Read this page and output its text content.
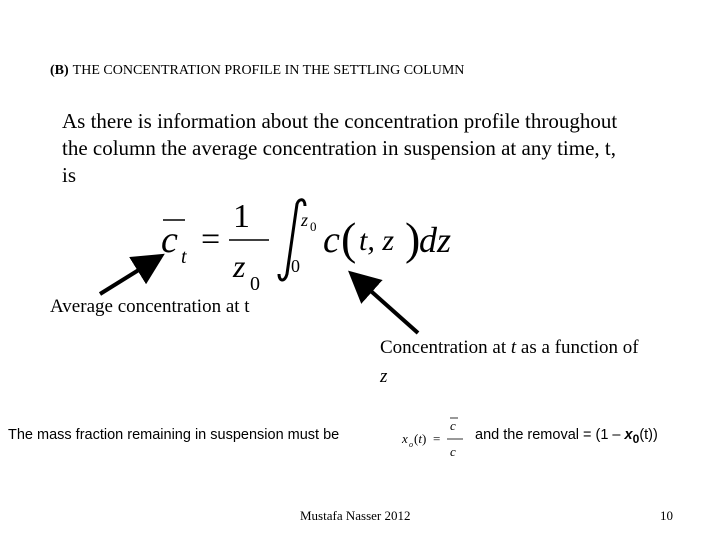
(B) THE CONCENTRATION PROFILE IN THE SETTLING COLUMN
As there is information about the concentration profile throughout the column the average concentration in suspension at any time, t, is
c t =
1
z 0
z 0
0
c ( t, z )
dz
Average concentration at t
Concentration at t as a function of z
The mass fraction remaining in suspension must be	x o (t) =
c
c
and the removal = $(1 - x_0(t))$
Mustafa Nasser 2012	10
